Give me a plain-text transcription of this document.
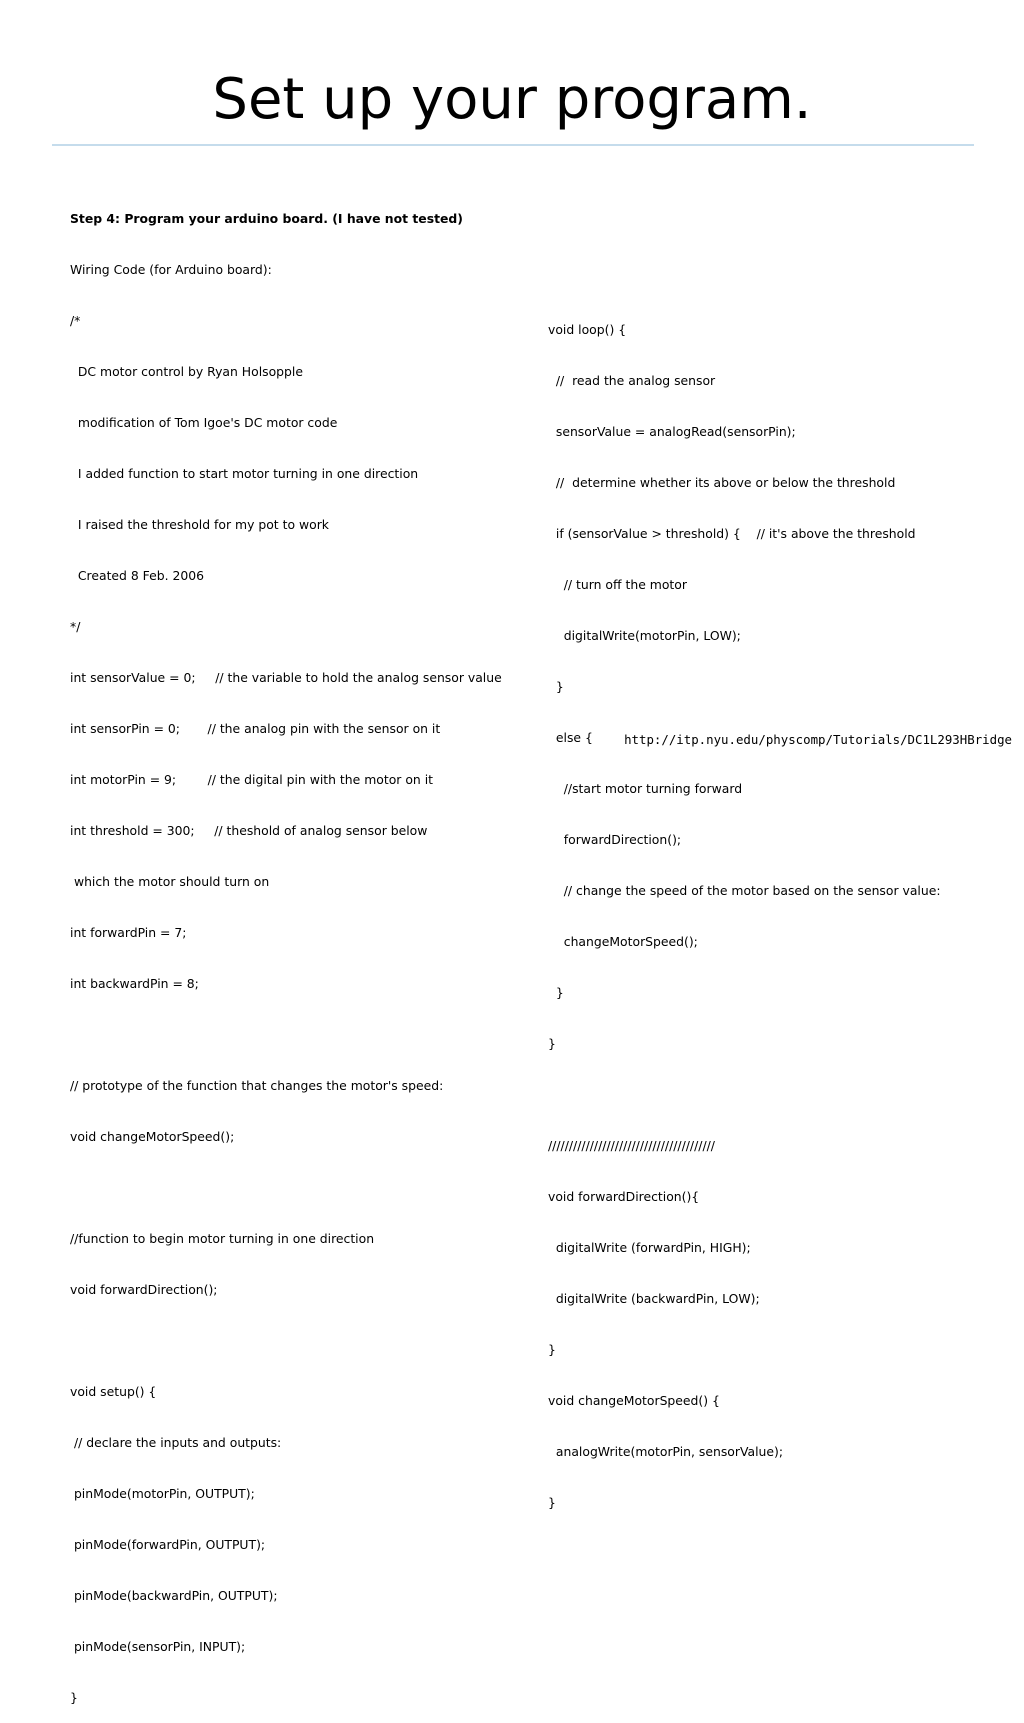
Set up your program.

Step 4: Program your arduino board. (I have not tested)

Wiring Code (for Arduino board):

/*

DC motor control by Ryan Holsopple

modification of Tom Igoe's DC motor code

I added function to start motor turning in one direction

I raised the threshold for my pot to work

Created 8 Feb. 2006

*/

int sensorValue = 0;     // the variable to hold the analog sensor value

int sensorPin = 0;       // the analog pin with the sensor on it

int motorPin = 9;        // the digital pin with the motor on it

int threshold = 300;     // theshold of analog sensor below

which the motor should turn on

int forwardPin = 7;

int backwardPin = 8;

// prototype of the function that changes the motor's speed:

void changeMotorSpeed();

//function to begin motor turning in one direction

void forwardDirection();

void setup() {

// declare the inputs and outputs:

pinMode(motorPin, OUTPUT);

pinMode(forwardPin, OUTPUT);

pinMode(backwardPin, OUTPUT);

pinMode(sensorPin, INPUT);

}

void loop() {

//  read the analog sensor

sensorValue = analogRead(sensorPin);

//  determine whether its above or below the threshold

if (sensorValue > threshold) {    // it's above the threshold

// turn off the motor

digitalWrite(motorPin, LOW);

}

else {

//start motor turning forward

forwardDirection();

// change the speed of the motor based on the sensor value:

changeMotorSpeed();

}

}

////////////////////////////////////////

void forwardDirection(){

digitalWrite (forwardPin, HIGH);

digitalWrite (backwardPin, LOW);

}

void changeMotorSpeed() {

analogWrite(motorPin, sensorValue);

}

http://itp.nyu.edu/physcomp/Tutorials/DC1L293HBridge
